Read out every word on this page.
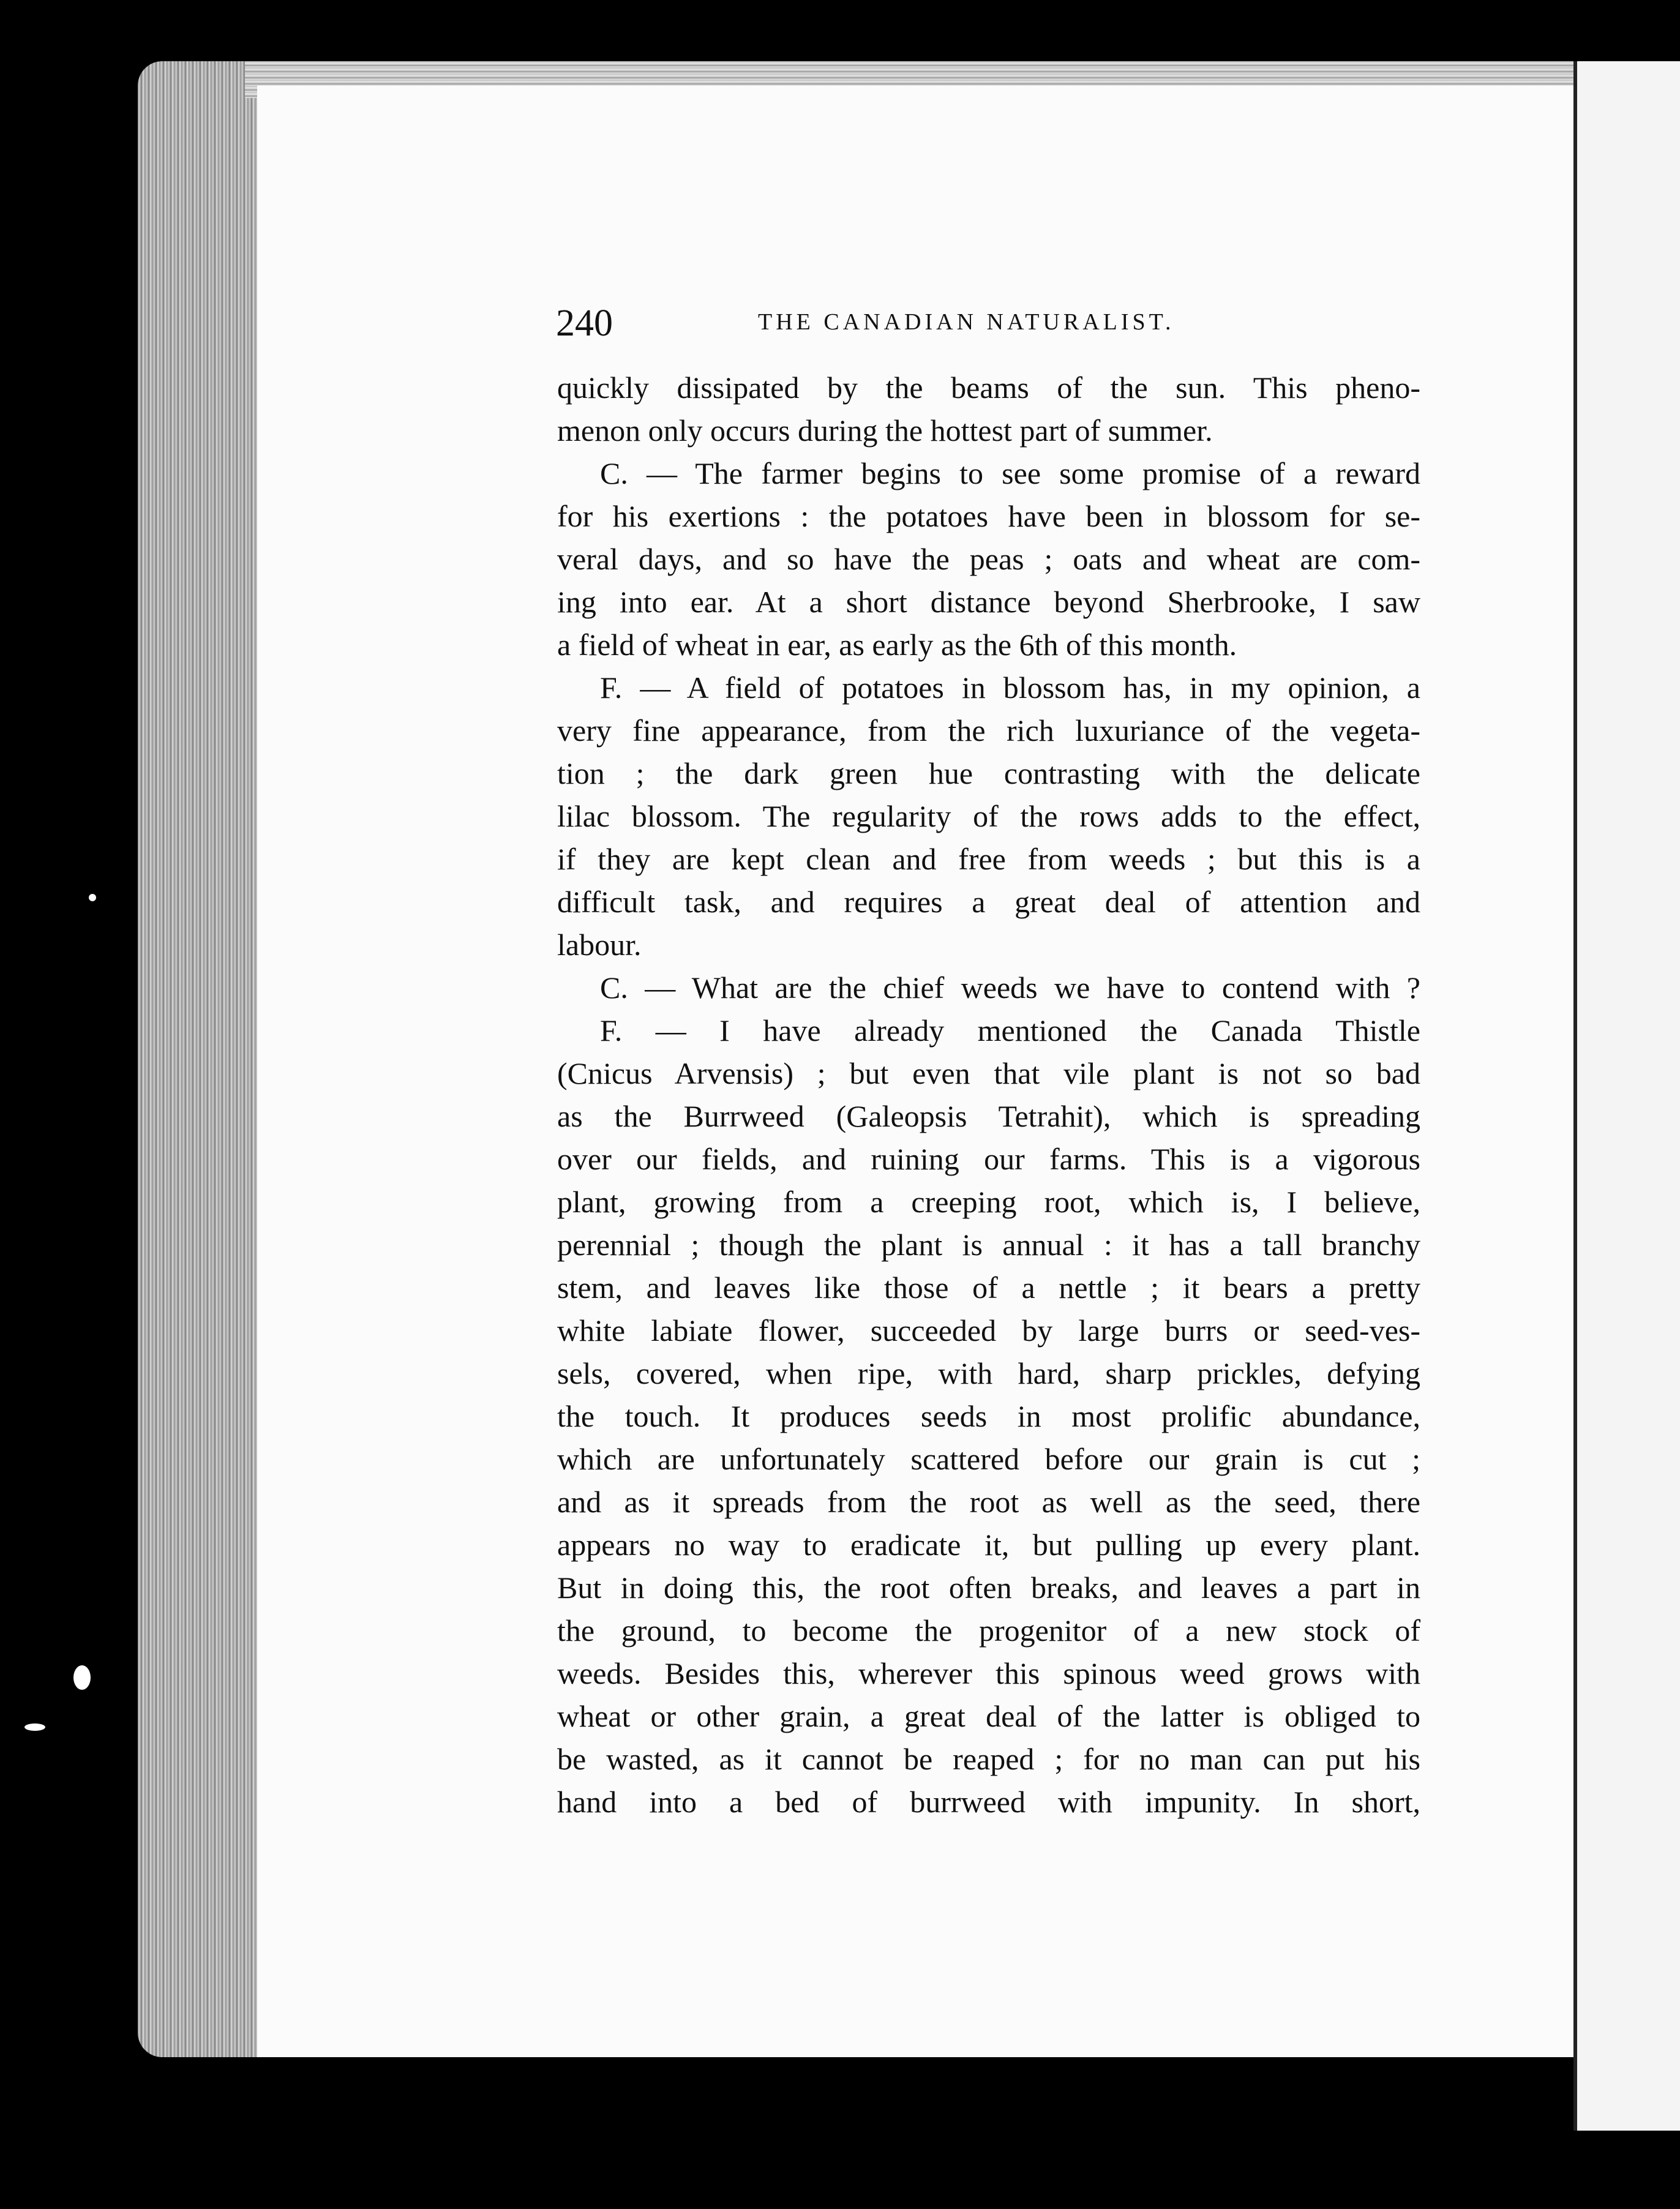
240	THE CANADIAN NATURALIST.
quickly dissipated by the beams of the sun. This pheno-
menon only occurs during the hottest part of summer.
C. — The farmer begins to see some promise of a reward
for his exertions : the potatoes have been in blossom for se-
veral days, and so have the peas ; oats and wheat are com-
ing into ear. At a short distance beyond Sherbrooke, I saw
a field of wheat in ear, as early as the 6th of this month.
F. — A field of potatoes in blossom has, in my opinion, a
very fine appearance, from the rich luxuriance of the vegeta-
tion ; the dark green hue contrasting with the delicate
lilac blossom. The regularity of the rows adds to the effect,
if they are kept clean and free from weeds ; but this is a
difficult task, and requires a great deal of attention and
labour.
C. — What are the chief weeds we have to contend with ?
F. — I have already mentioned the Canada Thistle
(Cnicus Arvensis) ; but even that vile plant is not so bad
as the Burrweed (Galeopsis Tetrahit), which is spreading
over our fields, and ruining our farms. This is a vigorous
plant, growing from a creeping root, which is, I believe,
perennial ; though the plant is annual : it has a tall branchy
stem, and leaves like those of a nettle ; it bears a pretty
white labiate flower, succeeded by large burrs or seed-ves-
sels, covered, when ripe, with hard, sharp prickles, defying
the touch. It produces seeds in most prolific abundance,
which are unfortunately scattered before our grain is cut ;
and as it spreads from the root as well as the seed, there
appears no way to eradicate it, but pulling up every plant.
But in doing this, the root often breaks, and leaves a part in
the ground, to become the progenitor of a new stock of
weeds. Besides this, wherever this spinous weed grows with
wheat or other grain, a great deal of the latter is obliged to
be wasted, as it cannot be reaped ; for no man can put his
hand into a bed of burrweed with impunity. In short,
